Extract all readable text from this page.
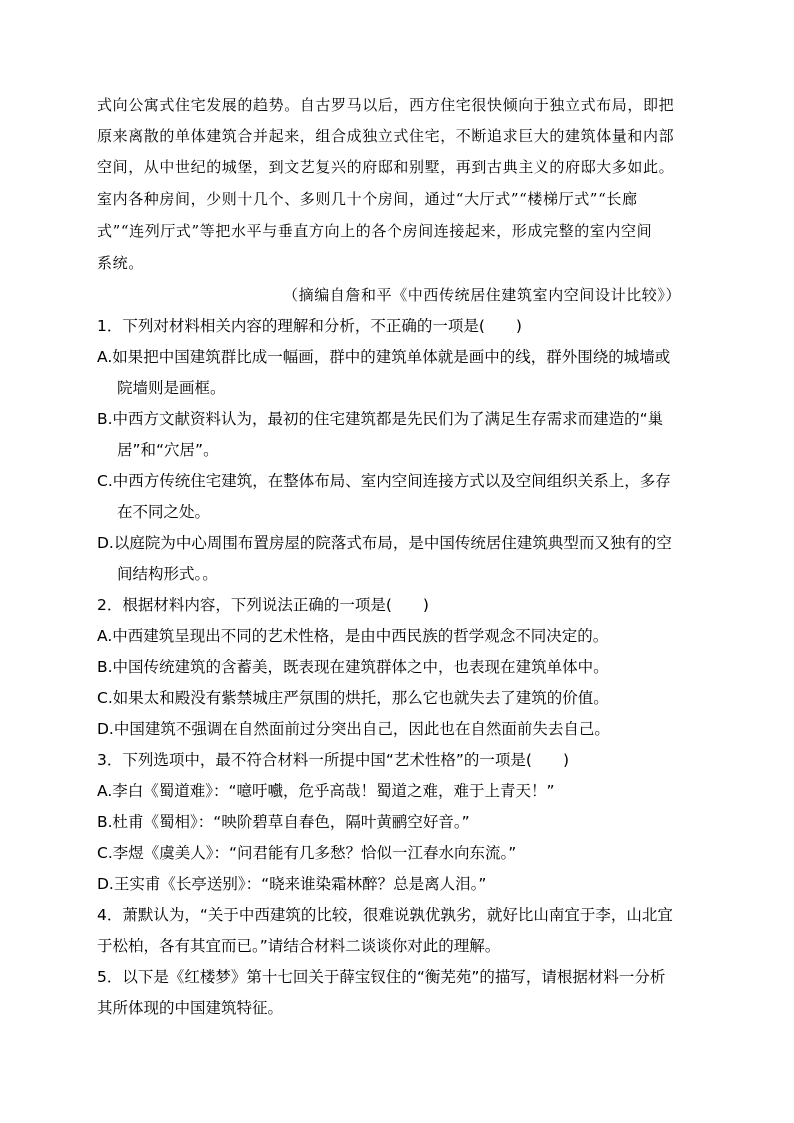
式向公寓式住宅发展的趋势。自古罗马以后，西方住宅很快倾向于独立式布局，即把
原来离散的单体建筑合并起来，组合成独立式住宅，不断追求巨大的建筑体量和内部
空间，从中世纪的城堡，到文艺复兴的府邸和别墅，再到古典主义的府邸大多如此。
室内各种房间，少则十几个、多则几十个房间，通过“大厅式”“楼梯厅式”“长廊
式”“连列厅式”等把水平与垂直方向上的各个房间连接起来，形成完整的室内空间
系统。
（摘编自詹和平《中西传统居住建筑室内空间设计比较》）
1．下列对材料相关内容的理解和分析，不正确的一项是(　　)
A.如果把中国建筑群比成一幅画，群中的建筑单体就是画中的线，群外围绕的城墙或
院墙则是画框。
B.中西方文献资料认为，最初的住宅建筑都是先民们为了满足生存需求而建造的“巢
居”和“穴居”。
C.中西方传统住宅建筑，在整体布局、室内空间连接方式以及空间组织关系上，多存
在不同之处。
D.以庭院为中心周围布置房屋的院落式布局，是中国传统居住建筑典型而又独有的空
间结构形式。。
2．根据材料内容，下列说法正确的一项是(　　)
A.中西建筑呈现出不同的艺术性格，是由中西民族的哲学观念不同决定的。
B.中国传统建筑的含蓄美，既表现在建筑群体之中，也表现在建筑单体中。
C.如果太和殿没有紫禁城庄严氛围的烘托，那么它也就失去了建筑的价值。
D.中国建筑不强调在自然面前过分突出自己，因此也在自然面前失去自己。
3．下列选项中，最不符合材料一所提中国“艺术性格”的一项是(　　)
A.李白《蜀道难》：“噫吁嚱，危乎高哉！蜀道之难，难于上青天！”
B.杜甫《蜀相》：“映阶碧草自春色，隔叶黄鹂空好音。”
C.李煜《虞美人》：“问君能有几多愁？恰似一江春水向东流。”
D.王实甫《长亭送别》：“晓来谁染霜林醉？总是离人泪。”
4．萧默认为，“关于中西建筑的比较，很难说孰优孰劣，就好比山南宜于李，山北宜
于松柏，各有其宜而已。”请结合材料二谈谈你对此的理解。
5．以下是《红楼梦》第十七回关于薛宝钗住的“衡芜苑”的描写，请根据材料一分析
其所体现的中国建筑特征。
